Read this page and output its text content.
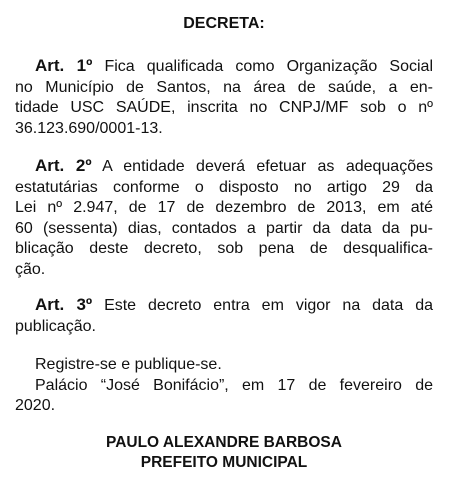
DECRETA:

Art. 1º Fica qualificada como Organização Social
no Município de Santos, na área de saúde, a en-
tidade USC SAÚDE, inscrita no CNPJ/MF sob o nº
36.123.690/0001-13.
Art. 2º A entidade deverá efetuar as adequações
estatutárias conforme o disposto no artigo 29 da
Lei nº 2.947, de 17 de dezembro de 2013, em até
60 (sessenta) dias, contados a partir da data da pu-
blicação deste decreto, sob pena de desqualifica-
ção.
Art. 3º Este decreto entra em vigor na data da
publicação.
Registre-se e publique-se.
Palácio “José Bonifácio”, em 17 de fevereiro de
2020.
PAULO ALEXANDRE BARBOSA
PREFEITO MUNICIPAL
